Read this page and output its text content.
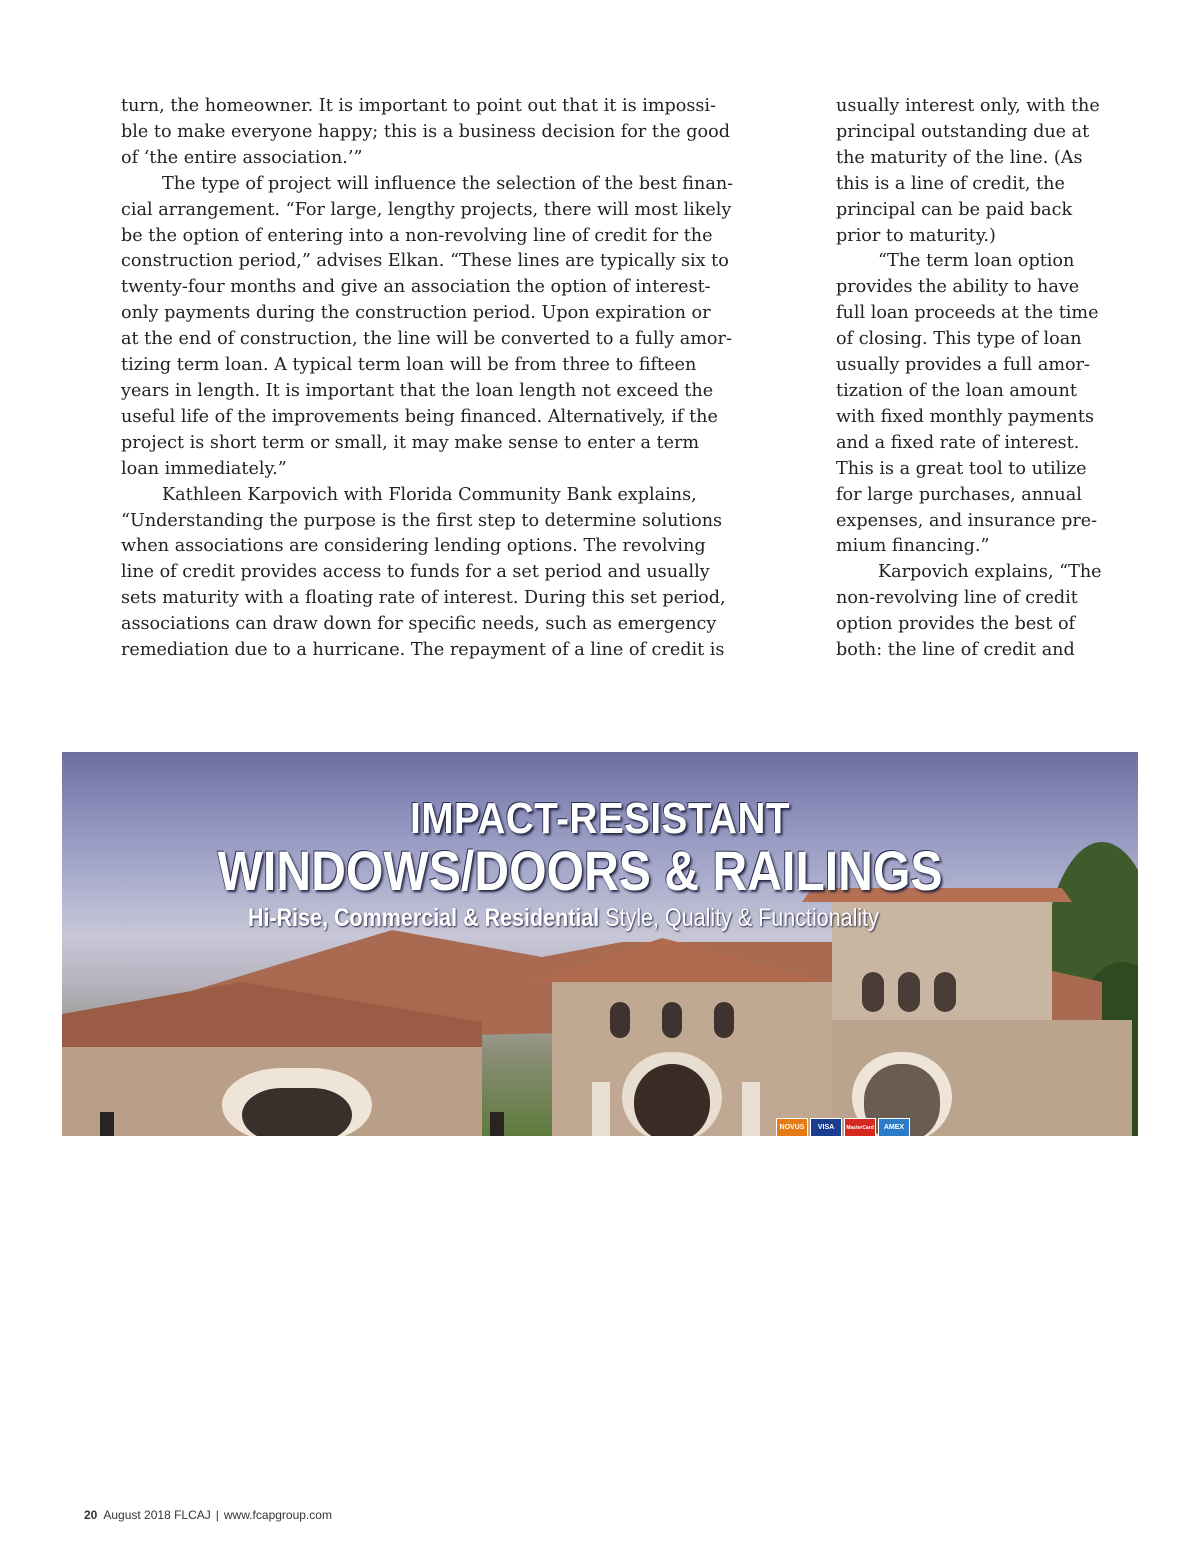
turn, the homeowner. It is important to point out that it is impossi-
ble to make everyone happy; this is a business decision for the good
of ‘the entire association.’”

The type of project will influence the selection of the best finan-
cial arrangement. “For large, lengthy projects, there will most likely
be the option of entering into a non-revolving line of credit for the
construction period,” advises Elkan. “These lines are typically six to
twenty-four months and give an association the option of interest-
only payments during the construction period. Upon expiration or
at the end of construction, the line will be converted to a fully amor-
tizing term loan. A typical term loan will be from three to fifteen
years in length. It is important that the loan length not exceed the
useful life of the improvements being financed. Alternatively, if the
project is short term or small, it may make sense to enter a term
loan immediately.”

Kathleen Karpovich with Florida Community Bank explains,
“Understanding the purpose is the first step to determine solutions
when associations are considering lending options. The revolving
line of credit provides access to funds for a set period and usually
sets maturity with a floating rate of interest. During this set period,
associations can draw down for specific needs, such as emergency
remediation due to a hurricane. The repayment of a line of credit is

usually interest only, with the
principal outstanding due at
the maturity of the line. (As
this is a line of credit, the
principal can be paid back
prior to maturity.)

“The term loan option
provides the ability to have
full loan proceeds at the time
of closing. This type of loan
usually provides a full amor-
tization of the loan amount
with fixed monthly payments
and a fixed rate of interest.
This is a great tool to utilize
for large purchases, annual
expenses, and insurance pre-
mium financing.”

Karpovich explains, “The
non-revolving line of credit
option provides the best of
both: the line of credit and

IMPACT-RESISTANT
WINDOWS/DOORS & RAILINGS
Hi-Rise, Commercial & Residential Style, Quality & Functionality
NOVUS	VISA	MasterCard	AMEX
20 August 2018 FLCAJ | www.fcapgroup.com
